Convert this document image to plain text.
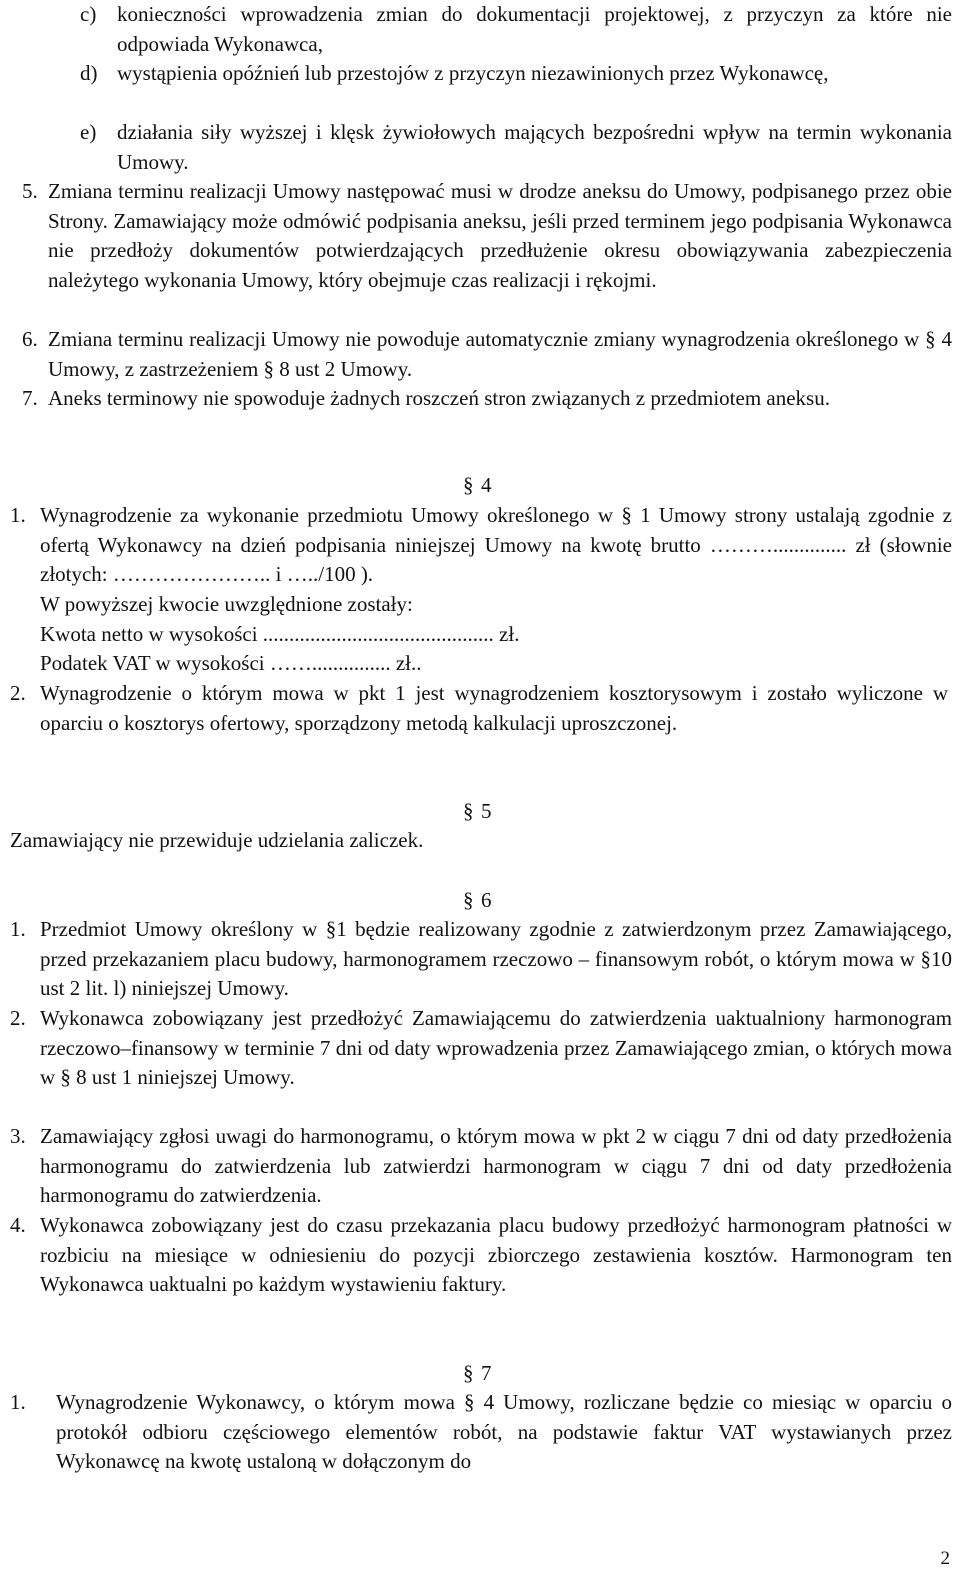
c) konieczności wprowadzenia zmian do dokumentacji projektowej, z przyczyn za które nie odpowiada Wykonawca,

d) wystąpienia opóźnień lub przestojów z przyczyn niezawinionych przez Wykonawcę,

e) działania siły wyższej i klęsk żywiołowych mających bezpośredni wpływ na termin wykonania Umowy.

5. Zmiana terminu realizacji Umowy następować musi w drodze aneksu do Umowy, podpisanego przez obie Strony. Zamawiający może odmówić podpisania aneksu, jeśli przed terminem jego podpisania Wykonawca nie przedłoży dokumentów potwierdzających przedłużenie okresu obowiązywania zabezpieczenia należytego wykonania Umowy, który obejmuje czas realizacji i rękojmi.

6. Zmiana terminu realizacji Umowy nie powoduje automatycznie zmiany wynagrodzenia określonego w § 4 Umowy, z zastrzeżeniem § 8 ust 2 Umowy.

7. Aneks terminowy nie spowoduje żadnych roszczeń stron związanych z przedmiotem aneksu.

§ 4
1. Wynagrodzenie za wykonanie przedmiotu Umowy określonego w § 1 Umowy strony ustalają zgodnie z ofertą Wykonawcy na dzień podpisania niniejszej Umowy na kwotę brutto ……….............. zł (słownie złotych: ………………….. i …../100 ).

W powyższej kwocie uwzględnione zostały:

Kwota netto w wysokości ............................................ zł.

Podatek VAT w wysokości ……............... zł..

2. Wynagrodzenie o którym mowa w pkt 1 jest wynagrodzeniem kosztorysowym i zostało wyliczone w oparciu o kosztorys ofertowy, sporządzony metodą kalkulacji uproszczonej.

§ 5

Zamawiający nie przewiduje udzielania zaliczek.

§ 6
1. Przedmiot Umowy określony w §1 będzie realizowany zgodnie z zatwierdzonym przez Zamawiającego, przed przekazaniem placu budowy, harmonogramem rzeczowo – finansowym robót, o którym mowa w §10 ust 2 lit. l) niniejszej Umowy.

2. Wykonawca zobowiązany jest przedłożyć Zamawiającemu do zatwierdzenia uaktualniony harmonogram rzeczowo–finansowy w terminie 7 dni od daty wprowadzenia przez Zamawiającego zmian, o których mowa w § 8 ust 1 niniejszej Umowy.

3. Zamawiający zgłosi uwagi do harmonogramu, o którym mowa w pkt 2 w ciągu 7 dni od daty przedłożenia harmonogramu do zatwierdzenia lub zatwierdzi harmonogram w ciągu 7 dni od daty przedłożenia harmonogramu do zatwierdzenia.

4. Wykonawca zobowiązany jest do czasu przekazania placu budowy przedłożyć harmonogram płatności w rozbiciu na miesiące w odniesieniu do pozycji zbiorczego zestawienia kosztów. Harmonogram ten Wykonawca uaktualni po każdym wystawieniu faktury.

§ 7
1. Wynagrodzenie Wykonawcy, o którym mowa § 4 Umowy, rozliczane będzie co miesiąc w oparciu o protokół odbioru częściowego elementów robót, na podstawie faktur VAT wystawianych przez Wykonawcę na kwotę ustaloną w dołączonym do

2
